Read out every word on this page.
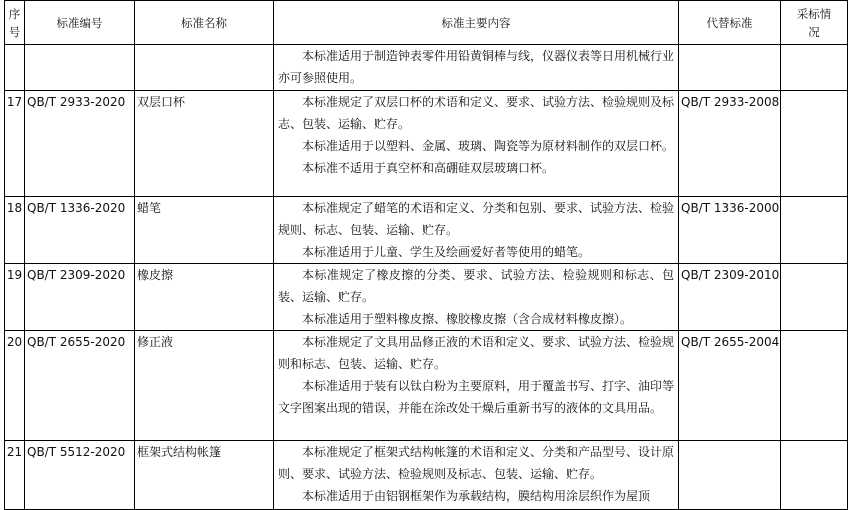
序号	标准编号	标准名称	标准主要内容	代替标准	采标情况

			本标准适用于制造钟表零件用铅黄铜棒与线，仪器仪表等日用机械行业亦可参照使用。		

17	QB/T 2933-2020	双层口杯	本标准规定了双层口杯的术语和定义、要求、试验方法、检验规则及标志、包装、运输、贮存。

本标准适用于以塑料、金属、玻璃、陶瓷等为原材料制作的双层口杯。

本标准不适用于真空杯和高硼硅双层玻璃口杯。	QB/T 2933-2008	
18	QB/T 1336-2020	蜡笔	本标准规定了蜡笔的术语和定义、分类和包别、要求、试验方法、检验规则、标志、包装、运输、贮存。

本标准适用于儿童、学生及绘画爱好者等使用的蜡笔。	QB/T 1336-2000	
19	QB/T 2309-2020	橡皮擦	本标准规定了橡皮擦的分类、要求、试验方法、检验规则和标志、包装、运输、贮存。

本标准适用于塑料橡皮擦、橡胶橡皮擦（含合成材料橡皮擦）。	QB/T 2309-2010	
20	QB/T 2655-2020	修正液	本标准规定了文具用品修正液的术语和定义、要求、试验方法、检验规则和标志、包装、运输、贮存。

本标准适用于装有以钛白粉为主要原料，用于覆盖书写、打字、油印等文字图案出现的错误，并能在涂改处干燥后重新书写的液体的文具用品。	QB/T 2655-2004	
21	QB/T 5512-2020	框架式结构帐篷	本标准规定了框架式结构帐篷的术语和定义、分类和产品型号、设计原则、要求、试验方法、检验规则及标志、包装、运输、贮存。

本标准适用于由铝钢框架作为承载结构，膜结构用涂层织作为屋顶		
